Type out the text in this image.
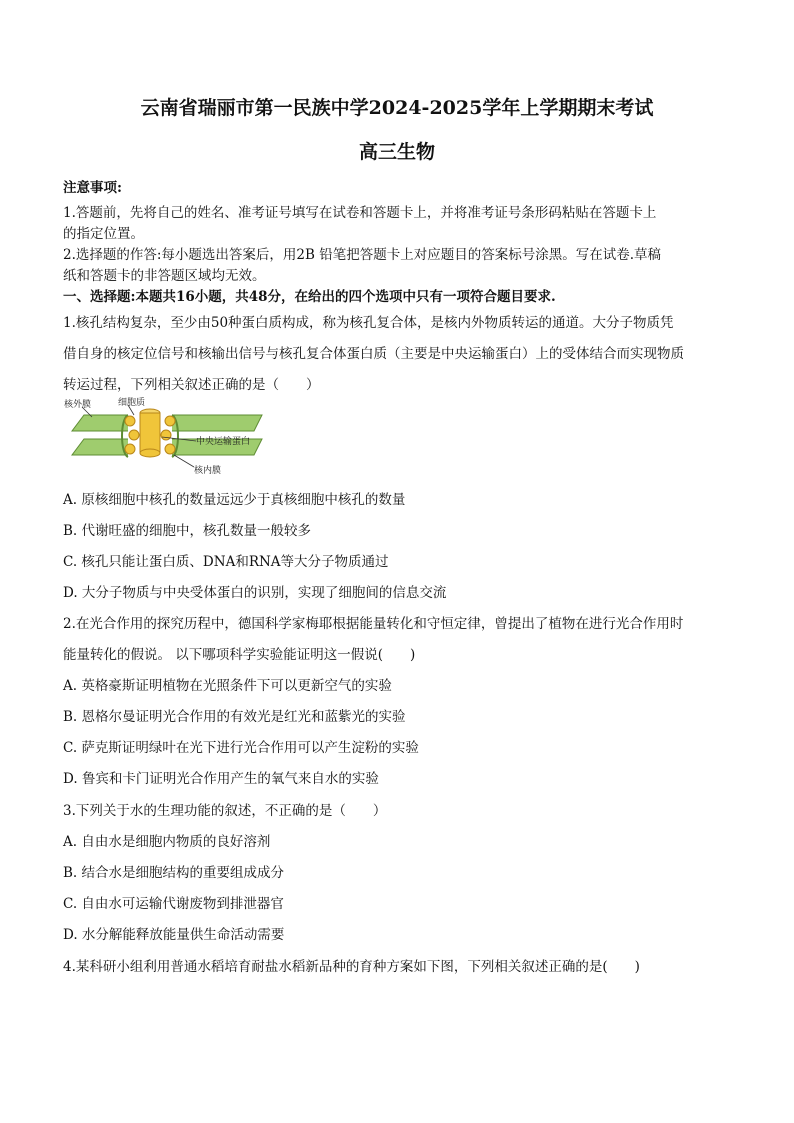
云南省瑞丽市第一民族中学2024-2025学年上学期期末考试
高三生物
注意事项:
1.答题前，先将自己的姓名、准考证号填写在试卷和答题卡上，并将准考证号条形码粘贴在答题卡上
的指定位置。
2.选择题的作答:每小题选出答案后，用2B 铅笔把答题卡上对应题目的答案标号涂黑。写在试卷.草稿
纸和答题卡的非答题区域均无效。
一、选择题:本题共16小题，共48分，在给出的四个选项中只有一项符合题目要求.
1.核孔结构复杂，至少由50种蛋白质构成，称为核孔复合体，是核内外物质转运的通道。大分子物质凭
借自身的核定位信号和核输出信号与核孔复合体蛋白质（主要是中央运输蛋白）上的受体结合而实现物质
转运过程，下列相关叙述正确的是（　　）
核外膜	细胞质
中央运输蛋白
核内膜
A. 原核细胞中核孔的数量远远少于真核细胞中核孔的数量
B. 代谢旺盛的细胞中，核孔数量一般较多
C. 核孔只能让蛋白质、DNA和RNA等大分子物质通过
D. 大分子物质与中央受体蛋白的识别，实现了细胞间的信息交流
2.在光合作用的探究历程中，德国科学家梅耶根据能量转化和守恒定律，曾提出了植物在进行光合作用时
能量转化的假说。 以下哪项科学实验能证明这一假说(　　)
A. 英格豪斯证明植物在光照条件下可以更新空气的实验
B. 恩格尔曼证明光合作用的有效光是红光和蓝紫光的实验
C. 萨克斯证明绿叶在光下进行光合作用可以产生淀粉的实验
D. 鲁宾和卡门证明光合作用产生的氧气来自水的实验
3.下列关于水的生理功能的叙述，不正确的是（　　）
A. 自由水是细胞内物质的良好溶剂
B. 结合水是细胞结构的重要组成成分
C. 自由水可运输代谢废物到排泄器官
D. 水分解能释放能量供生命活动需要
4.某科研小组利用普通水稻培育耐盐水稻新品种的育种方案如下图，下列相关叙述正确的是(　　)
